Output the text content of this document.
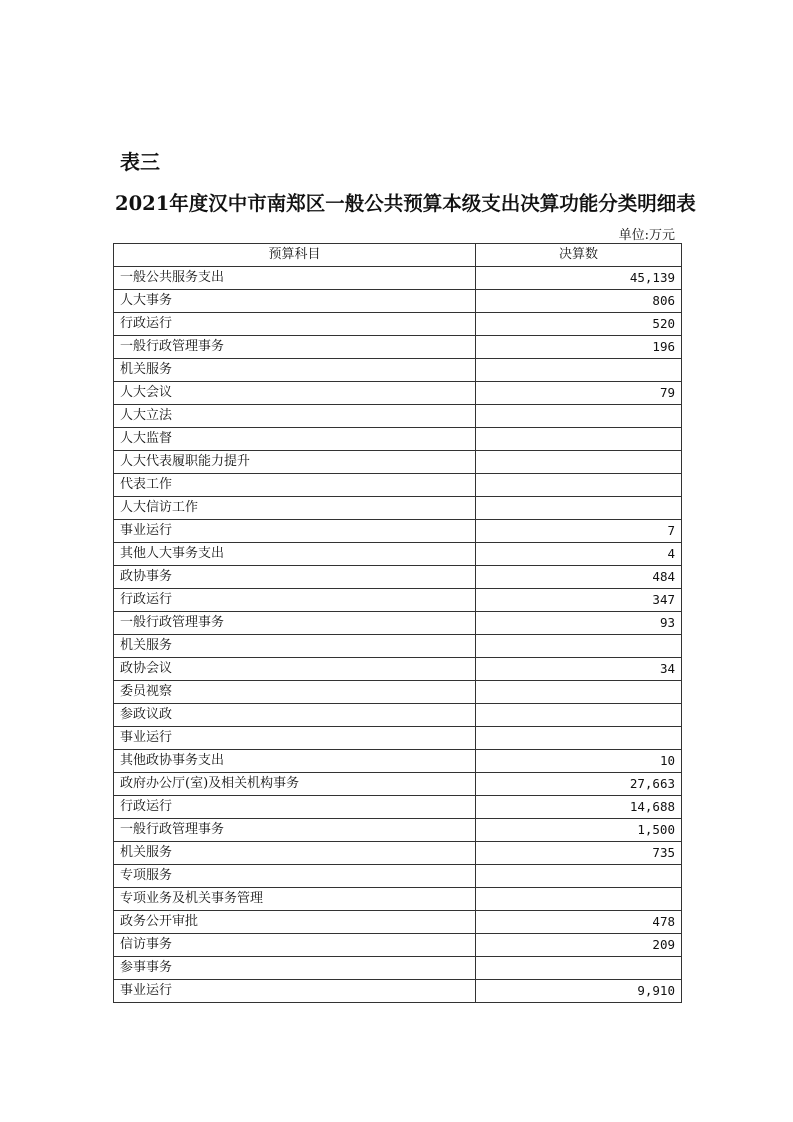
表三
2021年度汉中市南郑区一般公共预算本级支出决算功能分类明细表
单位:万元
预算科目	决算数
一般公共服务支出	45,139
人大事务	806
行政运行	520
一般行政管理事务	196
机关服务	
人大会议	79
人大立法	
人大监督	
人大代表履职能力提升	
代表工作	
人大信访工作	
事业运行	7
其他人大事务支出	4
政协事务	484
行政运行	347
一般行政管理事务	93
机关服务	
政协会议	34
委员视察	
参政议政	
事业运行	
其他政协事务支出	10
政府办公厅(室)及相关机构事务	27,663
行政运行	14,688
一般行政管理事务	1,500
机关服务	735
专项服务	
专项业务及机关事务管理	
政务公开审批	478
信访事务	209
参事事务	
事业运行	9,910
